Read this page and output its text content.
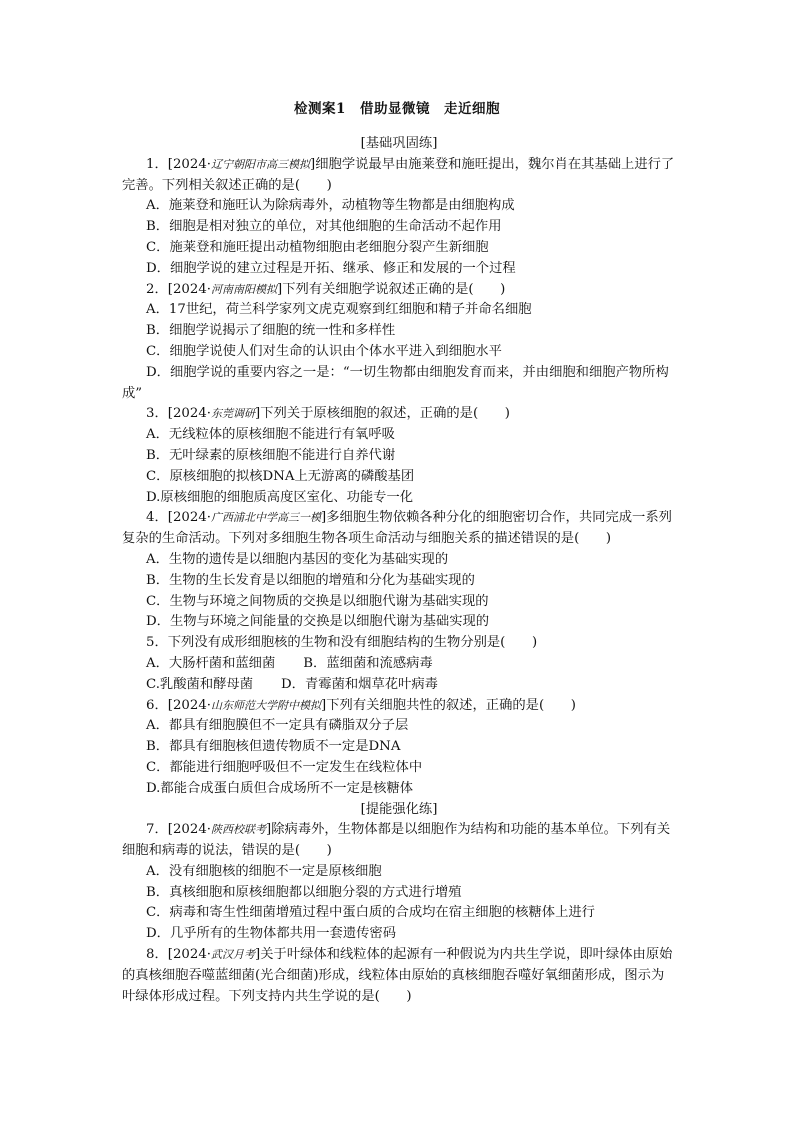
检测案1　借助显微镜　走近细胞
[基础巩固练]
1．[2024·辽宁朝阳市高三模拟]细胞学说最早由施莱登和施旺提出，魏尔肖在其基础上进行了完善。下列相关叙述正确的是(　　)
A．施莱登和施旺认为除病毒外，动植物等生物都是由细胞构成
B．细胞是相对独立的单位，对其他细胞的生命活动不起作用
C．施莱登和施旺提出动植物细胞由老细胞分裂产生新细胞
D．细胞学说的建立过程是开拓、继承、修正和发展的一个过程
2．[2024·河南南阳模拟]下列有关细胞学说叙述正确的是(　　)
A．17世纪，荷兰科学家列文虎克观察到红细胞和精子并命名细胞
B．细胞学说揭示了细胞的统一性和多样性
C．细胞学说使人们对生命的认识由个体水平进入到细胞水平
D．细胞学说的重要内容之一是：“一切生物都由细胞发育而来，并由细胞和细胞产物所构成”
3．[2024·东莞调研]下列关于原核细胞的叙述，正确的是(　　)
A．无线粒体的原核细胞不能进行有氧呼吸
B．无叶绿素的原核细胞不能进行自养代谢
C．原核细胞的拟核DNA上无游离的磷酸基团
D.原核细胞的细胞质高度区室化、功能专一化
4．[2024·广西浦北中学高三一模]多细胞生物依赖各种分化的细胞密切合作，共同完成一系列复杂的生命活动。下列对多细胞生物各项生命活动与细胞关系的描述错误的是(　　)
A．生物的遗传是以细胞内基因的变化为基础实现的
B．生物的生长发育是以细胞的增殖和分化为基础实现的
C．生物与环境之间物质的交换是以细胞代谢为基础实现的
D．生物与环境之间能量的交换是以细胞代谢为基础实现的
5．下列没有成形细胞核的生物和没有细胞结构的生物分别是(　　)
A．大肠杆菌和蓝细菌 B．蓝细菌和流感病毒
C.乳酸菌和酵母菌 D．青霉菌和烟草花叶病毒
6．[2024·山东师范大学附中模拟]下列有关细胞共性的叙述，正确的是(　　)
A．都具有细胞膜但不一定具有磷脂双分子层
B．都具有细胞核但遗传物质不一定是DNA
C．都能进行细胞呼吸但不一定发生在线粒体中
D.都能合成蛋白质但合成场所不一定是核糖体
[提能强化练]
7．[2024·陕西校联考]除病毒外，生物体都是以细胞作为结构和功能的基本单位。下列有关细胞和病毒的说法，错误的是(　　)
A．没有细胞核的细胞不一定是原核细胞
B．真核细胞和原核细胞都以细胞分裂的方式进行增殖
C．病毒和寄生性细菌增殖过程中蛋白质的合成均在宿主细胞的核糖体上进行
D．几乎所有的生物体都共用一套遗传密码
8．[2024·武汉月考]关于叶绿体和线粒体的起源有一种假说为内共生学说，即叶绿体由原始的真核细胞吞噬蓝细菌(光合细菌)形成，线粒体由原始的真核细胞吞噬好氧细菌形成，图示为叶绿体形成过程。下列支持内共生学说的是(　　)
